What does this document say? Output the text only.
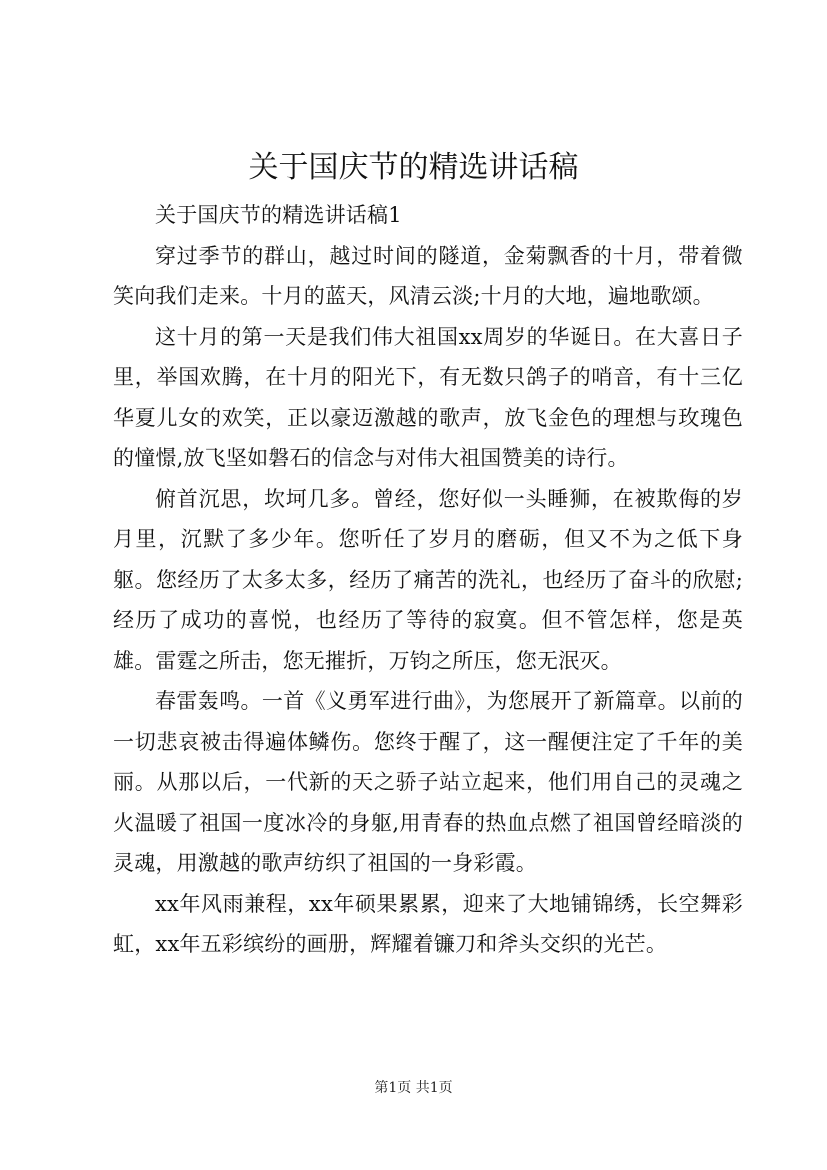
关于国庆节的精选讲话稿

关于国庆节的精选讲话稿1

穿过季节的群山，越过时间的隧道，金菊飘香的十月，带着微笑向我们走来。十月的蓝天，风清云淡;十月的大地，遍地歌颂。

这十月的第一天是我们伟大祖国xx周岁的华诞日。在大喜日子里，举国欢腾，在十月的阳光下，有无数只鸽子的哨音，有十三亿华夏儿女的欢笑，正以豪迈激越的歌声，放飞金色的理想与玫瑰色的憧憬,放飞坚如磐石的信念与对伟大祖国赞美的诗行。

俯首沉思，坎坷几多。曾经，您好似一头睡狮，在被欺侮的岁月里，沉默了多少年。您听任了岁月的磨砺，但又不为之低下身躯。您经历了太多太多，经历了痛苦的洗礼，也经历了奋斗的欣慰;经历了成功的喜悦，也经历了等待的寂寞。但不管怎样，您是英雄。雷霆之所击，您无摧折，万钧之所压，您无泯灭。

春雷轰鸣。一首《义勇军进行曲》，为您展开了新篇章。以前的一切悲哀被击得遍体鳞伤。您终于醒了，这一醒便注定了千年的美丽。从那以后，一代新的天之骄子站立起来，他们用自己的灵魂之火温暖了祖国一度冰冷的身躯,用青春的热血点燃了祖国曾经暗淡的灵魂，用激越的歌声纺织了祖国的一身彩霞。

xx年风雨兼程，xx年硕果累累，迎来了大地铺锦绣，长空舞彩虹，xx年五彩缤纷的画册，辉耀着镰刀和斧头交织的光芒。

第1页 共1页
